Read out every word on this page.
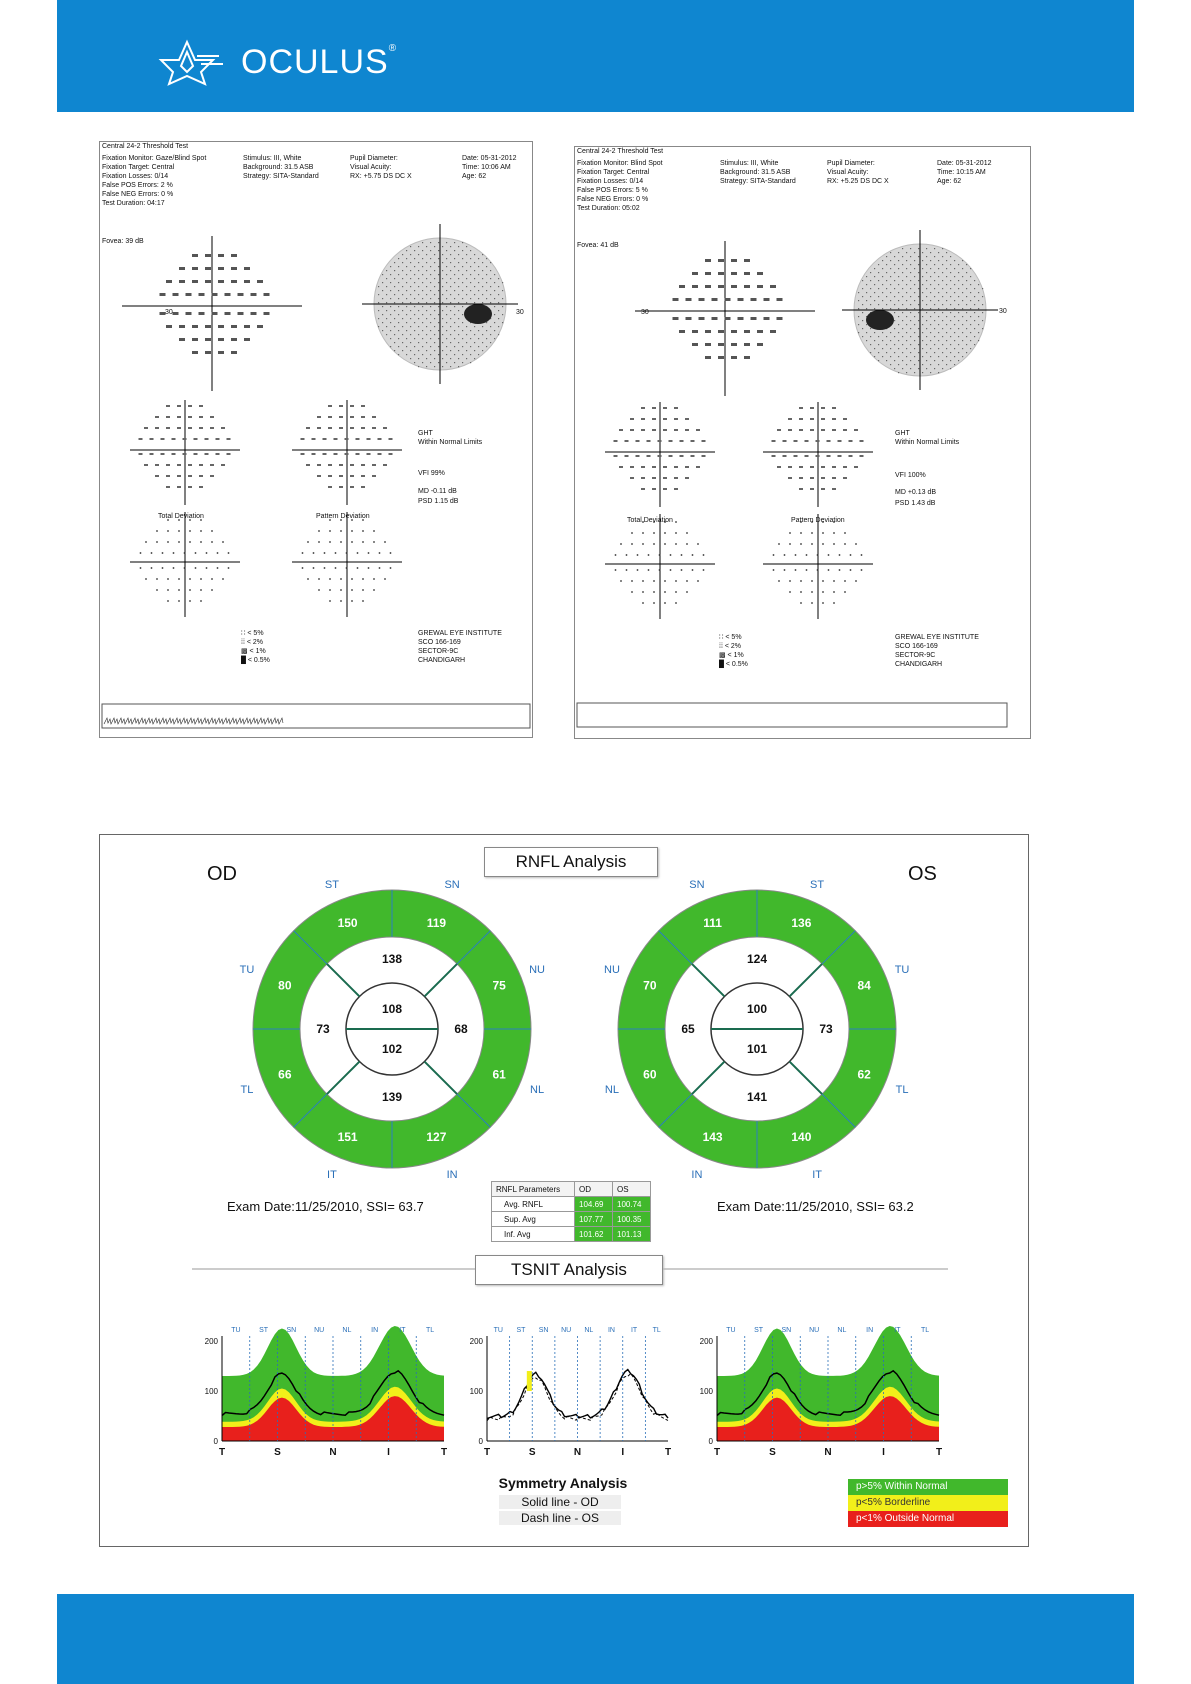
OCULUS®
Central 24-2 Threshold Test
Fixation Monitor: Gaze/Blind Spot
Fixation Target: Central
Fixation Losses: 0/14
False POS Errors: 2 %
False NEG Errors: 0 %
Test Duration: 04:17
Stimulus: III, White
Background: 31.5 ASB
Strategy: SITA-Standard
Pupil Diameter:
Visual Acuity:
RX: +5.75 DS DC X
Date: 05-31-2012
Time: 10:06 AM
Age: 62
Fovea: 39 dB
30	30
GHT
Within Normal Limits
VFI 99%
MD -0.11 dB
PSD 1.15 dB
Total Deviation	Pattern Deviation
∷ < 5%
⁞⁞ < 2%
▩ < 1%
█ < 0.5%
GREWAL EYE INSTITUTE
SCO 166-169
SECTOR-9C
CHANDIGARH
Central 24-2 Threshold Test
Fixation Monitor: Blind Spot
Fixation Target: Central
Fixation Losses: 0/14
False POS Errors: 5 %
False NEG Errors: 0 %
Test Duration: 05:02
Stimulus: III, White
Background: 31.5 ASB
Strategy: SITA-Standard
Pupil Diameter:
Visual Acuity:
RX: +5.25 DS DC X
Date: 05-31-2012
Time: 10:15 AM
Age: 62
Fovea: 41 dB
30	30
GHT
Within Normal Limits
VFI 100%
MD +0.13 dB
PSD 1.43 dB
Total Deviation	Pattern Deviation
∷ < 5%
⁞⁞ < 2%
▩ < 1%
█ < 0.5%
GREWAL EYE INSTITUTE
SCO 166-169
SECTOR-9C
CHANDIGARH
OD	OS
RNFL Analysis
150
ST
119
SN
75
NU
61
NL
127
IN
151
IT
66
TL
80
TU
138
68
139
73
108
102
111
SN
136
ST
84
TU
62
TL
140
IT
143
IN
60
NL
70
NU
124
73
141
65
100
101
TU	ST	SN	NU	NL	IN	IT	TL
T	S	N	I	T
200
100
0
TU ST SN NU NL IN IT TL
T	S	N	I	T
200
100
0
TU	ST	SN	NU	NL	IN	IT	TL
T	S	N	I	T
200
100
0
Exam Date:11/25/2010, SSI= 63.7	Exam Date:11/25/2010, SSI= 63.2
TSNIT Analysis
Symmetry Analysis
Solid line - OD
Dash line - OS
p>5% Within Normal
p<5% Borderline
p<1% Outside Normal
RNFL Parameters	OD	OS
Avg. RNFL	104.69	100.74
Sup. Avg	107.77	100.35
Inf. Avg	101.62	101.13
